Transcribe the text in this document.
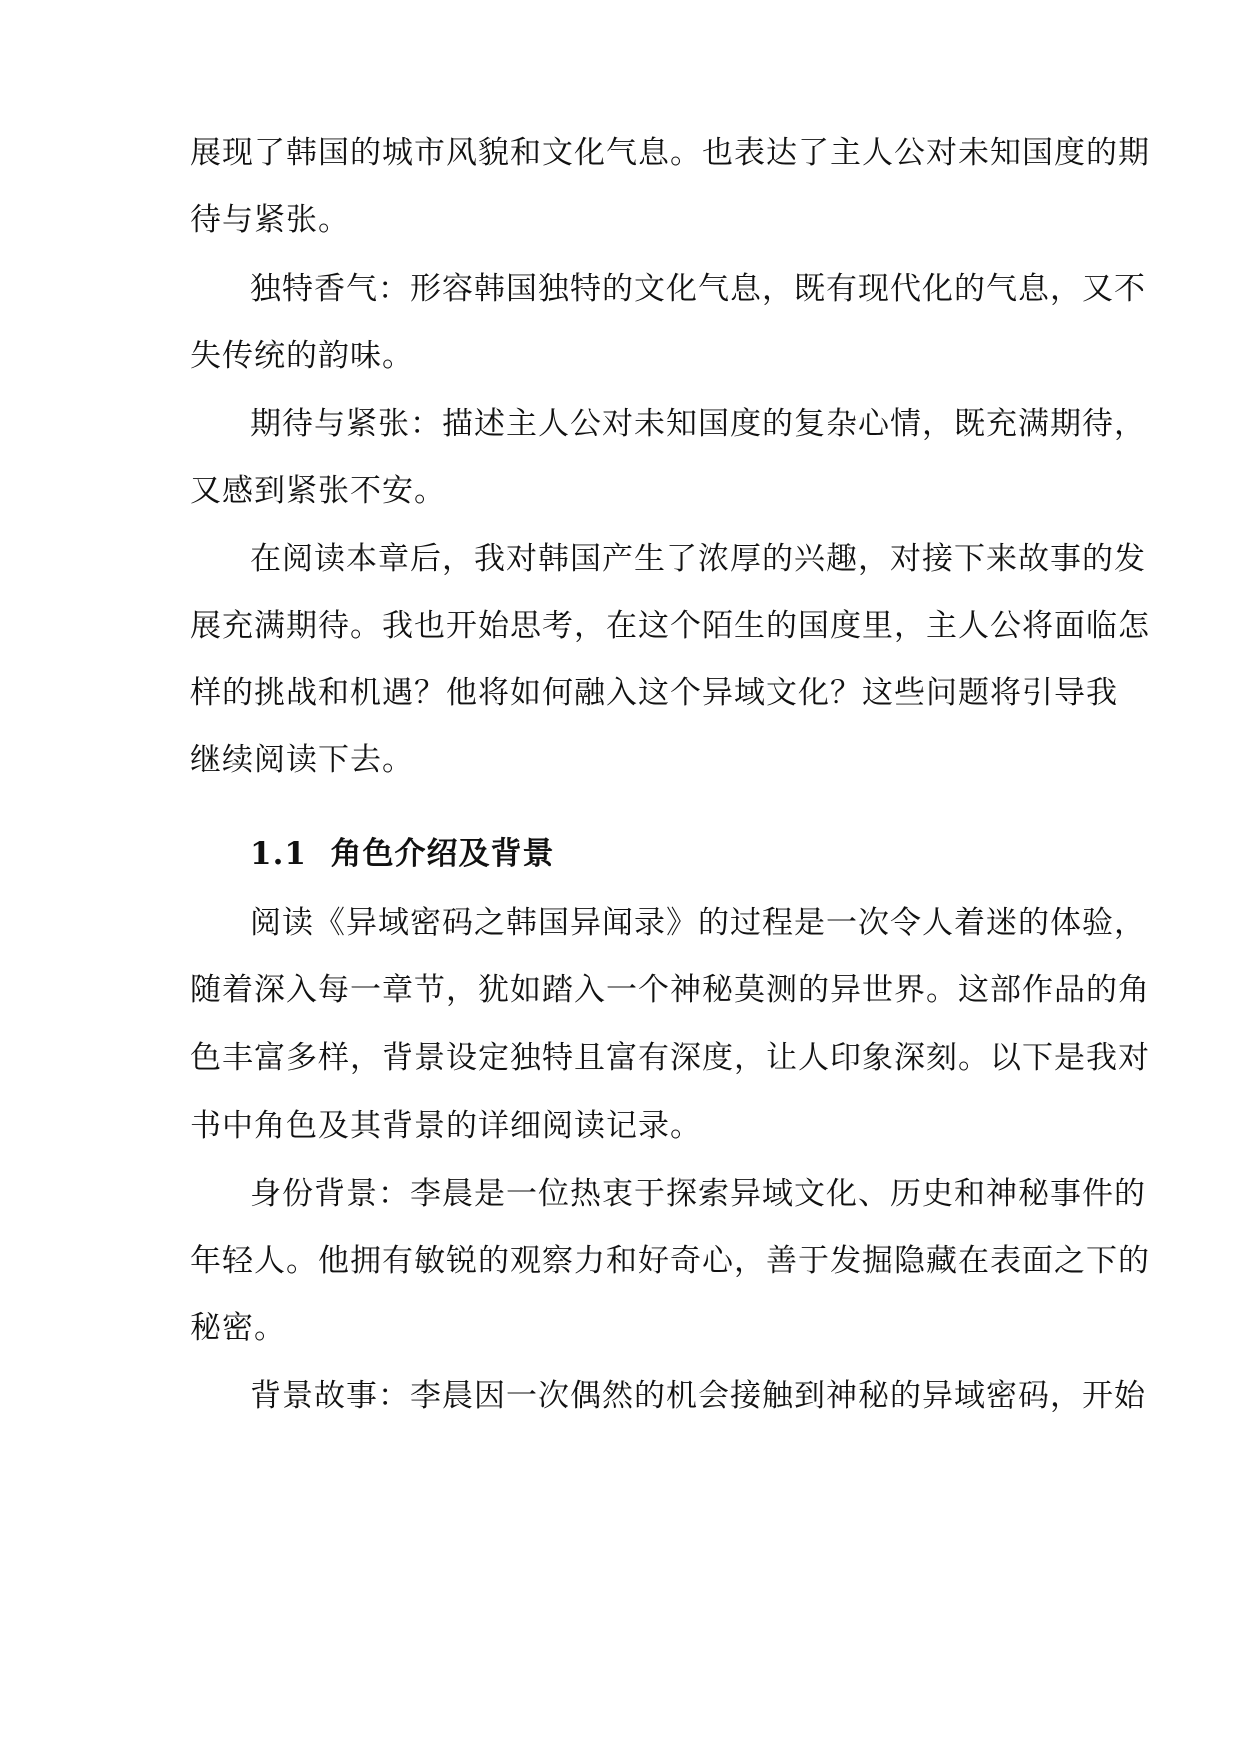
展现了韩国的城市风貌和文化气息。也表达了主人公对未知国度的期
待与紧张。
独特香气：形容韩国独特的文化气息，既有现代化的气息，又不
失传统的韵味。
期待与紧张：描述主人公对未知国度的复杂心情，既充满期待，
又感到紧张不安。
在阅读本章后，我对韩国产生了浓厚的兴趣，对接下来故事的发
展充满期待。我也开始思考，在这个陌生的国度里，主人公将面临怎
样的挑战和机遇？他将如何融入这个异域文化？这些问题将引导我
继续阅读下去。
1.1 角色介绍及背景
阅读《异域密码之韩国异闻录》的过程是一次令人着迷的体验，
随着深入每一章节，犹如踏入一个神秘莫测的异世界。这部作品的角
色丰富多样，背景设定独特且富有深度，让人印象深刻。以下是我对
书中角色及其背景的详细阅读记录。
身份背景：李晨是一位热衷于探索异域文化、历史和神秘事件的
年轻人。他拥有敏锐的观察力和好奇心，善于发掘隐藏在表面之下的
秘密。
背景故事：李晨因一次偶然的机会接触到神秘的异域密码，开始
